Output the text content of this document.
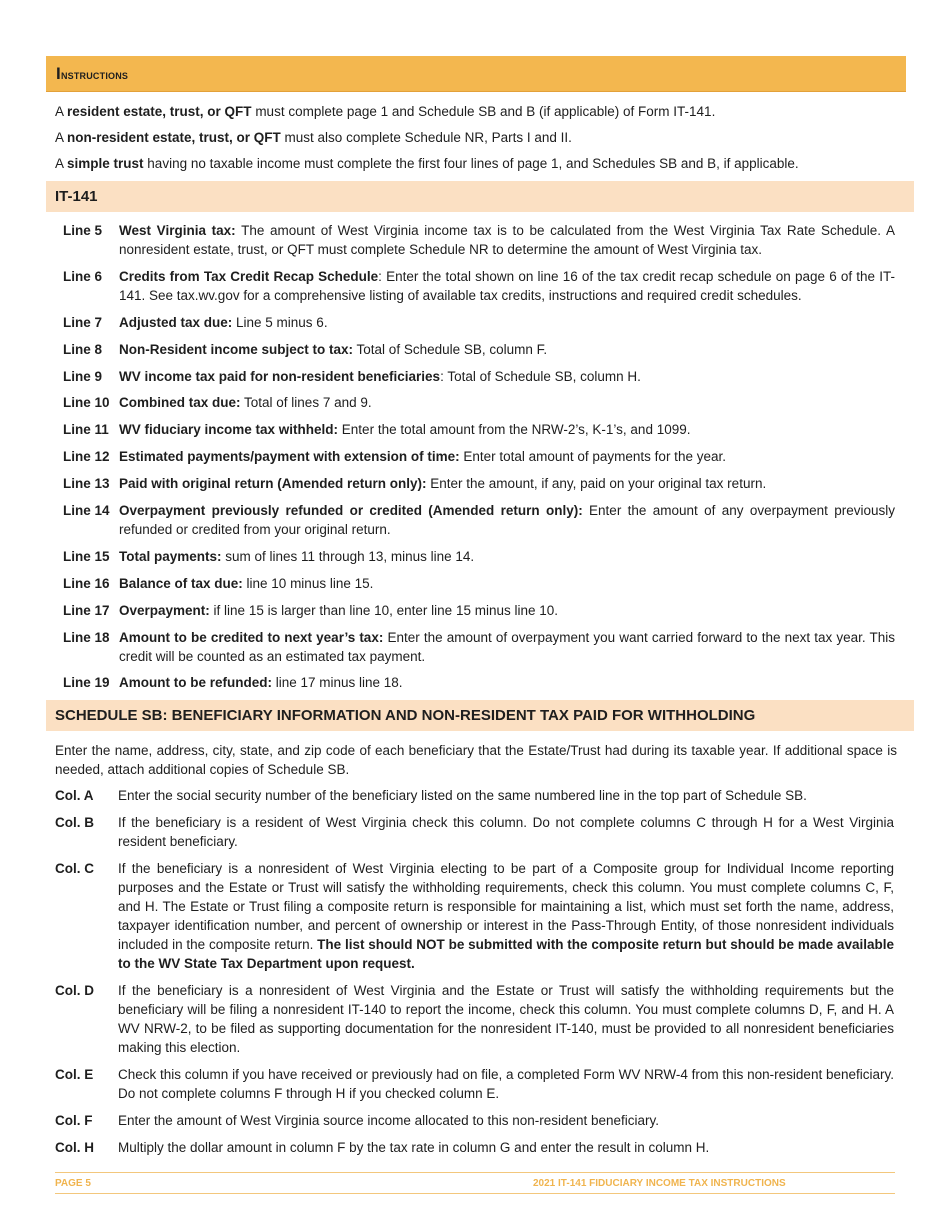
Instructions

A resident estate, trust, or QFT must complete page 1 and Schedule SB and B (if applicable) of Form IT-141.

A non-resident estate, trust, or QFT must also complete Schedule NR, Parts I and II.

A simple trust having no taxable income must complete the first four lines of page 1, and Schedules SB and B, if applicable.

IT-141
Line 5	West Virginia tax: The amount of West Virginia income tax is to be calculated from the West Virginia Tax Rate Schedule. A nonresident estate, trust, or QFT must complete Schedule NR to determine the amount of West Virginia tax.
Line 6	Credits from Tax Credit Recap Schedule: Enter the total shown on line 16 of the tax credit recap schedule on page 6 of the IT-141. See tax.wv.gov for a comprehensive listing of available tax credits, instructions and required credit schedules.
Line 7	Adjusted tax due: Line 5 minus 6.
Line 8	Non-Resident income subject to tax: Total of Schedule SB, column F.
Line 9	WV income tax paid for non-resident beneficiaries: Total of Schedule SB, column H.
Line 10 Combined tax due: Total of lines 7 and 9.
Line 11 WV fiduciary income tax withheld: Enter the total amount from the NRW-2’s, K-1’s, and 1099.
Line 12 Estimated payments/payment with extension of time: Enter total amount of payments for the year.
Line 13 Paid with original return (Amended return only): Enter the amount, if any, paid on your original tax return.
Line 14 Overpayment previously refunded or credited (Amended return only): Enter the amount of any overpayment previously refunded or credited from your original return.
Line 15 Total payments: sum of lines 11 through 13, minus line 14.
Line 16 Balance of tax due: line 10 minus line 15.
Line 17 Overpayment: if line 15 is larger than line 10, enter line 15 minus line 10.
Line 18 Amount to be credited to next year’s tax: Enter the amount of overpayment you want carried forward to the next tax year. This credit will be counted as an estimated tax payment.
Line 19 Amount to be refunded: line 17 minus line 18.
SCHEDULE SB: BENEFICIARY INFORMATION AND NON-RESIDENT TAX PAID FOR WITHHOLDING

Enter the name, address, city, state, and zip code of each beneficiary that the Estate/Trust had during its taxable year. If additional space is needed, attach additional copies of Schedule SB.

Col. A	Enter the social security number of the beneficiary listed on the same numbered line in the top part of Schedule SB.
Col. B	If the beneficiary is a resident of West Virginia check this column. Do not complete columns C through H for a West Virginia resident beneficiary.
Col. C	If the beneficiary is a nonresident of West Virginia electing to be part of a Composite group for Individual Income reporting purposes and the Estate or Trust will satisfy the withholding requirements, check this column. You must complete columns C, F, and H. The Estate or Trust filing a composite return is responsible for maintaining a list, which must set forth the name, address, taxpayer identification number, and percent of ownership or interest in the Pass-Through Entity, of those nonresident individuals included in the composite return. The list should NOT be submitted with the composite return but should be made available to the WV State Tax Department upon request.
Col. D	If the beneficiary is a nonresident of West Virginia and the Estate or Trust will satisfy the withholding requirements but the beneficiary will be filing a nonresident IT-140 to report the income, check this column. You must complete columns D, F, and H. A WV NRW-2, to be filed as supporting documentation for the nonresident IT-140, must be provided to all nonresident beneficiaries making this election.
Col. E	Check this column if you have received or previously had on file, a completed Form WV NRW-4 from this non-resident beneficiary. Do not complete columns F through H if you checked column E.
Col. F	Enter the amount of West Virginia source income allocated to this non-resident beneficiary.
Col. H	Multiply the dollar amount in column F by the tax rate in column G and enter the result in column H.
PAGE 5	2021 IT-141 FIDUCIARY INCOME TAX INSTRUCTIONS
